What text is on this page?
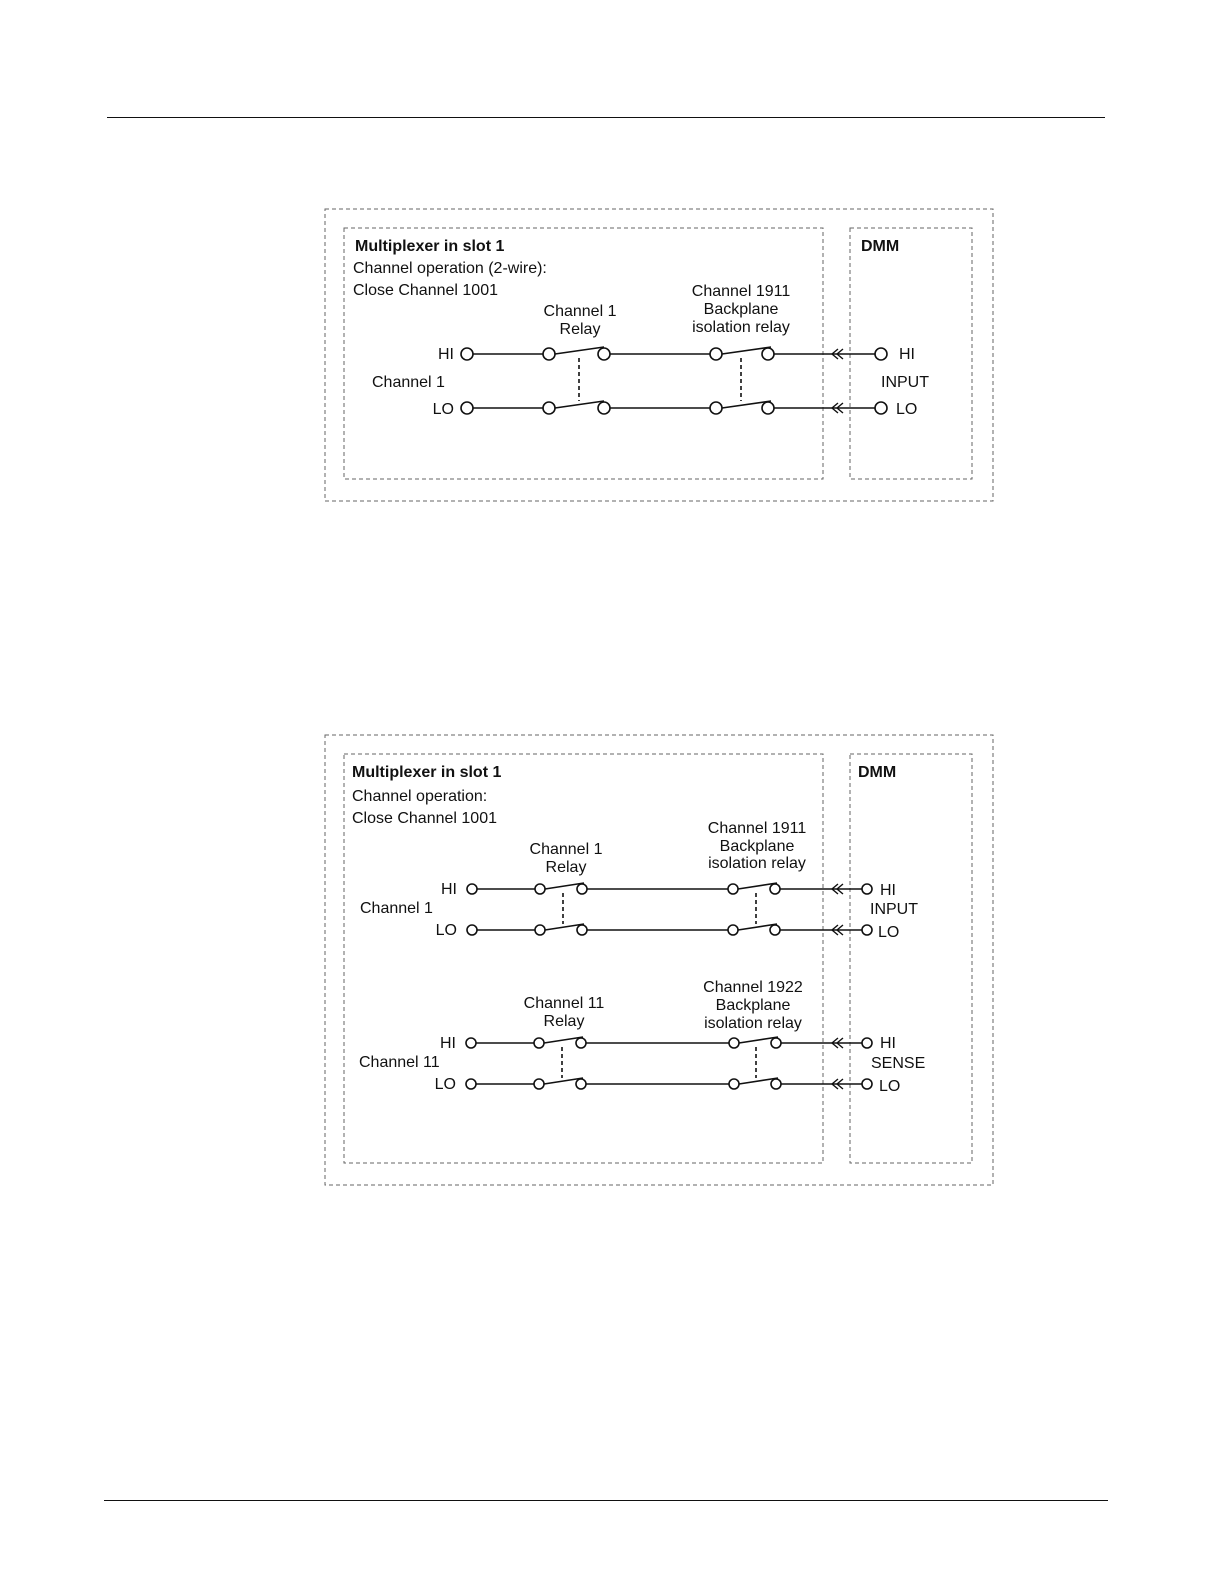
Multiplexer in slot 1
Channel operation (2-wire):
Close Channel 1001
DMM
Channel 1
Relay
Channel 1911
Backplane
isolation relay
HI
Channel 1
LO
HI
INPUT
LO
Multiplexer in slot 1
Channel operation:
Close Channel 1001
DMM
Channel 1
Relay
Channel 1911
Backplane
isolation relay
HI
Channel 1
LO
HI
INPUT
LO
Channel 11
Relay
Channel 1922
Backplane
isolation relay
HI
Channel 11
LO
HI
SENSE
LO
